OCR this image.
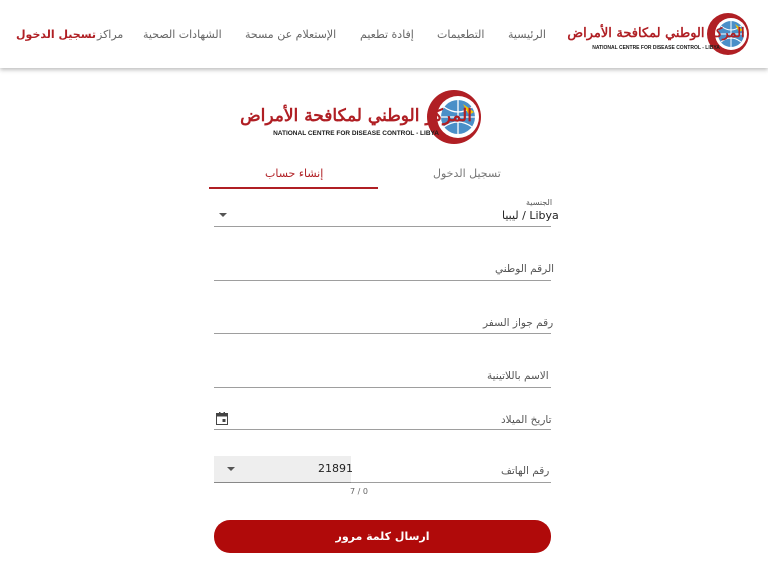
المركز الوطني لمكافحة الأمراض
NATIONAL CENTRE FOR DISEASE CONTROL - LIBYA
الرئيسية
التطعيمات
إفادة تطعيم
الإستعلام عن مسحة
الشهادات الصحية
مراكز
تسجيل الدخول
المركز الوطني لمكافحة الأمراض
NATIONAL CENTRE FOR DISEASE CONTROL - LIBYA
تسجيل الدخول
إنشاء حساب
الجنسية
ليبيا / Libya
الرقم الوطني
رقم جواز السفر
الاسم باللاتينية
تاريخ الميلاد
21891	رقم الهاتف
7 / 0
ارسال كلمة مرور
